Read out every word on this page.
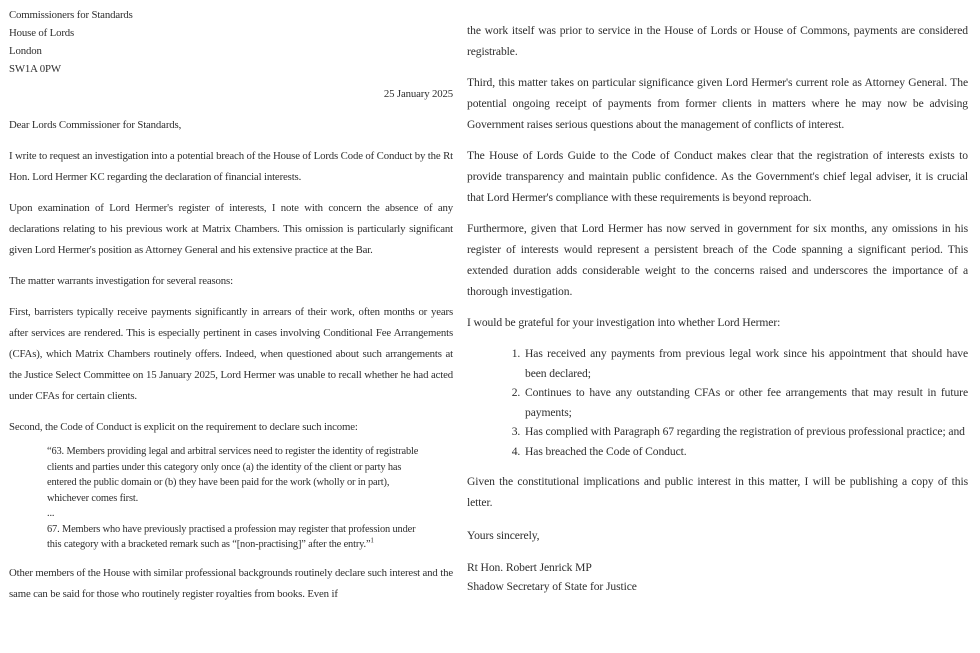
Commissioners for Standards
House of Lords
London
SW1A 0PW
25 January 2025
Dear Lords Commissioner for Standards,

I write to request an investigation into a potential breach of the House of Lords Code of Conduct by the Rt Hon. Lord Hermer KC regarding the declaration of financial interests.

Upon examination of Lord Hermer's register of interests, I note with concern the absence of any declarations relating to his previous work at Matrix Chambers. This omission is particularly significant given Lord Hermer's position as Attorney General and his extensive practice at the Bar.

The matter warrants investigation for several reasons:

First, barristers typically receive payments significantly in arrears of their work, often months or years after services are rendered. This is especially pertinent in cases involving Conditional Fee Arrangements (CFAs), which Matrix Chambers routinely offers. Indeed, when questioned about such arrangements at the Justice Select Committee on 15 January 2025, Lord Hermer was unable to recall whether he had acted under CFAs for certain clients.

Second, the Code of Conduct is explicit on the requirement to declare such income:

“63. Members providing legal and arbitral services need to register the identity of registrable clients and parties under this category only once (a) the identity of the client or party has entered the public domain or (b) they have been paid for the work (wholly or in part), whichever comes first.

...

67. Members who have previously practised a profession may register that profession under this category with a bracketed remark such as “[non-practising]” after the entry.”$^1$

Other members of the House with similar professional backgrounds routinely declare such interest and the same can be said for those who routinely register royalties from books. Even if

the work itself was prior to service in the House of Lords or House of Commons, payments are considered registrable.

Third, this matter takes on particular significance given Lord Hermer's current role as Attorney General. The potential ongoing receipt of payments from former clients in matters where he may now be advising Government raises serious questions about the management of conflicts of interest.

The House of Lords Guide to the Code of Conduct makes clear that the registration of interests exists to provide transparency and maintain public confidence. As the Government's chief legal adviser, it is crucial that Lord Hermer's compliance with these requirements is beyond reproach.

Furthermore, given that Lord Hermer has now served in government for six months, any omissions in his register of interests would represent a persistent breach of the Code spanning a significant period. This extended duration adds considerable weight to the concerns raised and underscores the importance of a thorough investigation.

I would be grateful for your investigation into whether Lord Hermer:

1. Has received any payments from previous legal work since his appointment that should have been declared;
2. Continues to have any outstanding CFAs or other fee arrangements that may result in future payments;
3. Has complied with Paragraph 67 regarding the registration of previous professional practice; and
4. Has breached the Code of Conduct.

Given the constitutional implications and public interest in this matter, I will be publishing a copy of this letter.

Yours sincerely,
Rt Hon. Robert Jenrick MP
Shadow Secretary of State for Justice
